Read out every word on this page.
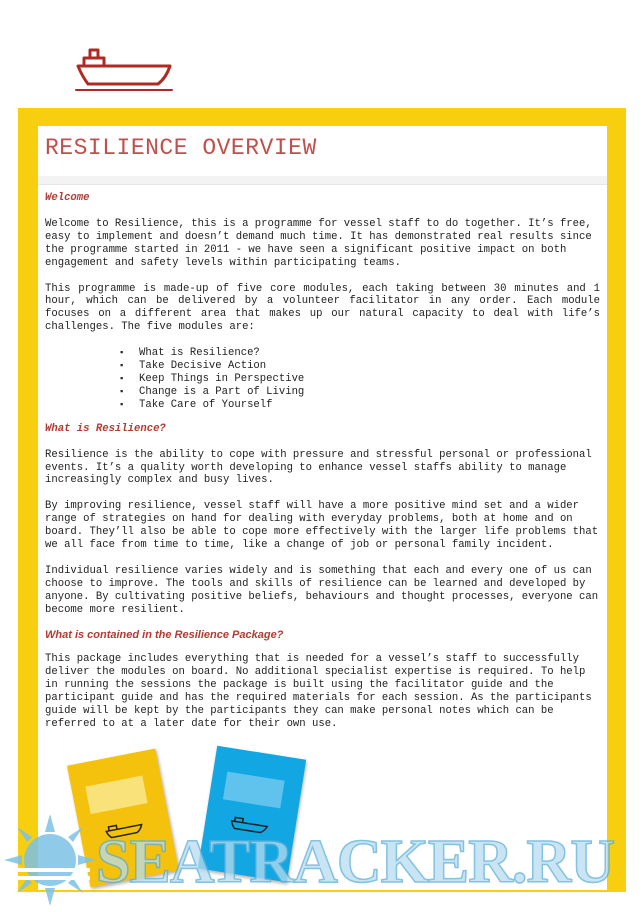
RESILIENCE OVERVIEW

Welcome

Welcome to Resilience, this is a programme for vessel staff to do together. It’s free, easy to implement and doesn’t demand much time. It has demonstrated real results since the programme started in 2011 - we have seen a significant positive impact on both engagement and safety levels within participating teams.

This programme is made-up of five core modules, each taking between 30 minutes and 1 hour, which can be delivered by a volunteer facilitator in any order. Each module focuses on a different area that makes up our natural capacity to deal with life’s challenges. The five modules are:

▪ What is Resilience?
▪ Take Decisive Action
▪ Keep Things in Perspective
▪ Change is a Part of Living
▪ Take Care of Yourself

What is Resilience?

Resilience is the ability to cope with pressure and stressful personal or professional events. It’s a quality worth developing to enhance vessel staffs ability to manage increasingly complex and busy lives.

By improving resilience, vessel staff will have a more positive mind set and a wider range of strategies on hand for dealing with everyday problems, both at home and on board. They’ll also be able to cope more effectively with the larger life problems that we all face from time to time, like a change of job or personal family incident.

Individual resilience varies widely and is something that each and every one of us can choose to improve. The tools and skills of resilience can be learned and developed by anyone. By cultivating positive beliefs, behaviours and thought processes, everyone can become more resilient.

What is contained in the Resilience Package?

This package includes everything that is needed for a vessel’s staff to successfully deliver the modules on board. No additional specialist expertise is required. To help in running the sessions the package is built using the facilitator guide and the participant guide and has the required materials for each session. As the participants guide will be kept by the participants they can make personal notes which can be referred to at a later date for their own use.

SEATRACKER.RU
